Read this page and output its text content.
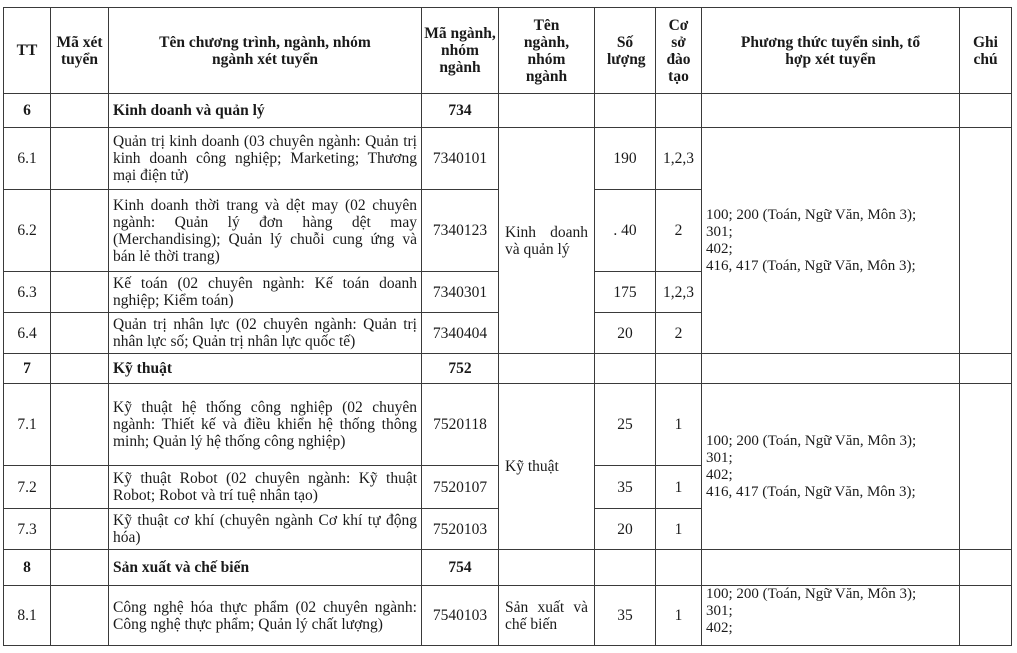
TT	Mã xét tuyển	Tên chương trình, ngành, nhóm ngành xét tuyển	Mã ngành, nhóm ngành	Tên ngành, nhóm ngành	Số lượng	Cơ sở đào tạo	Phương thức tuyển sinh, tổ hợp xét tuyển	Ghi chú
6		Kinh doanh và quản lý	734					
6.1		Quản trị kinh doanh (03 chuyên ngành: Quản trị kinh doanh công nghiệp; Marketing; Thương mại điện tử)	7340101	Kinh doanh và quản lý	190	1,2,3	100; 200 (Toán, Ngữ Văn, Môn 3);
301;
402;
416, 417 (Toán, Ngữ Văn, Môn 3);	
6.2		Kinh doanh thời trang và dệt may (02 chuyên ngành: Quản lý đơn hàng dệt may (Merchandising); Quản lý chuỗi cung ứng và bán lẻ thời trang)	7340123		. 40	2		
6.3		Kế toán (02 chuyên ngành: Kế toán doanh nghiệp; Kiểm toán)	7340301		175	1,2,3		
6.4		Quản trị nhân lực (02 chuyên ngành: Quản trị nhân lực số; Quản trị nhân lực quốc tế)	7340404		20	2		
7		Kỹ thuật	752					
7.1		Kỹ thuật hệ thống công nghiệp (02 chuyên ngành: Thiết kế và điều khiển hệ thống thông minh; Quản lý hệ thống công nghiệp)	7520118	Kỹ thuật	25	1	100; 200 (Toán, Ngữ Văn, Môn 3);
301;
402;
416, 417 (Toán, Ngữ Văn, Môn 3);	
7.2		Kỹ thuật Robot (02 chuyên ngành: Kỹ thuật Robot; Robot và trí tuệ nhân tạo)	7520107		35	1		
7.3		Kỹ thuật cơ khí (chuyên ngành Cơ khí tự động hóa)	7520103		20	1		
8		Sản xuất và chế biến	754					
8.1		Công nghệ hóa thực phẩm (02 chuyên ngành: Công nghệ thực phẩm; Quản lý chất lượng)	7540103	Sản xuất và chế biến	35	1	100; 200 (Toán, Ngữ Văn, Môn 3);
301;
402;	
